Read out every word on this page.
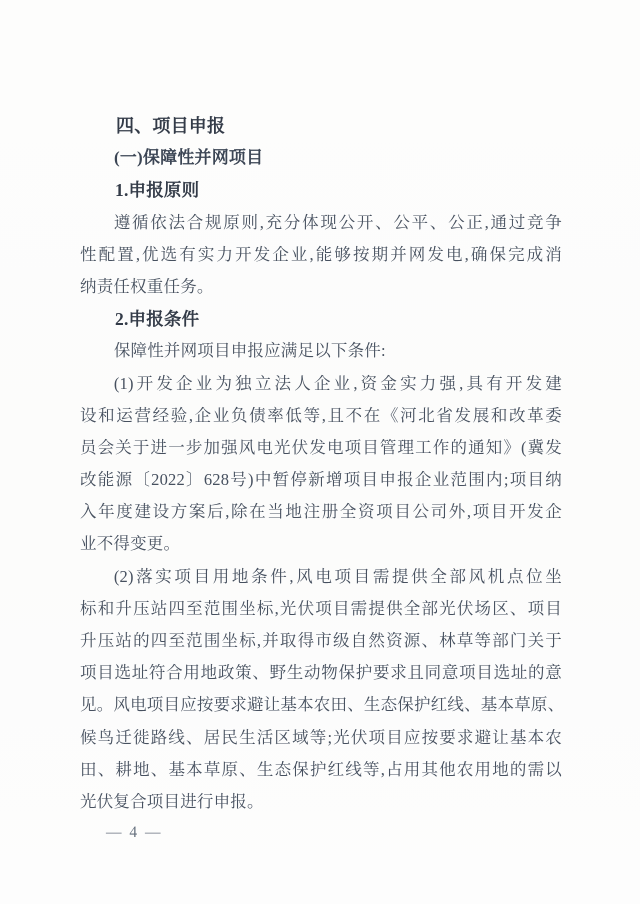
四、项目申报
(一)保障性并网项目
1.申报原则
遵循依法合规原则,充分体现公开、公平、公正,通过竞争
性配置,优选有实力开发企业,能够按期并网发电,确保完成消
纳责任权重任务。
2.申报条件
保障性并网项目申报应满足以下条件:
(1)开发企业为独立法人企业,资金实力强,具有开发建
设和运营经验,企业负债率低等,且不在《河北省发展和改革委
员会关于进一步加强风电光伏发电项目管理工作的通知》(冀发
改能源〔2022〕628号)中暂停新增项目申报企业范围内;项目纳
入年度建设方案后,除在当地注册全资项目公司外,项目开发企
业不得变更。
(2)落实项目用地条件,风电项目需提供全部风机点位坐
标和升压站四至范围坐标,光伏项目需提供全部光伏场区、项目
升压站的四至范围坐标,并取得市级自然资源、林草等部门关于
项目选址符合用地政策、野生动物保护要求且同意项目选址的意
见。风电项目应按要求避让基本农田、生态保护红线、基本草原、
候鸟迁徙路线、居民生活区域等;光伏项目应按要求避让基本农
田、耕地、基本草原、生态保护红线等,占用其他农用地的需以
光伏复合项目进行申报。
— 4 —
